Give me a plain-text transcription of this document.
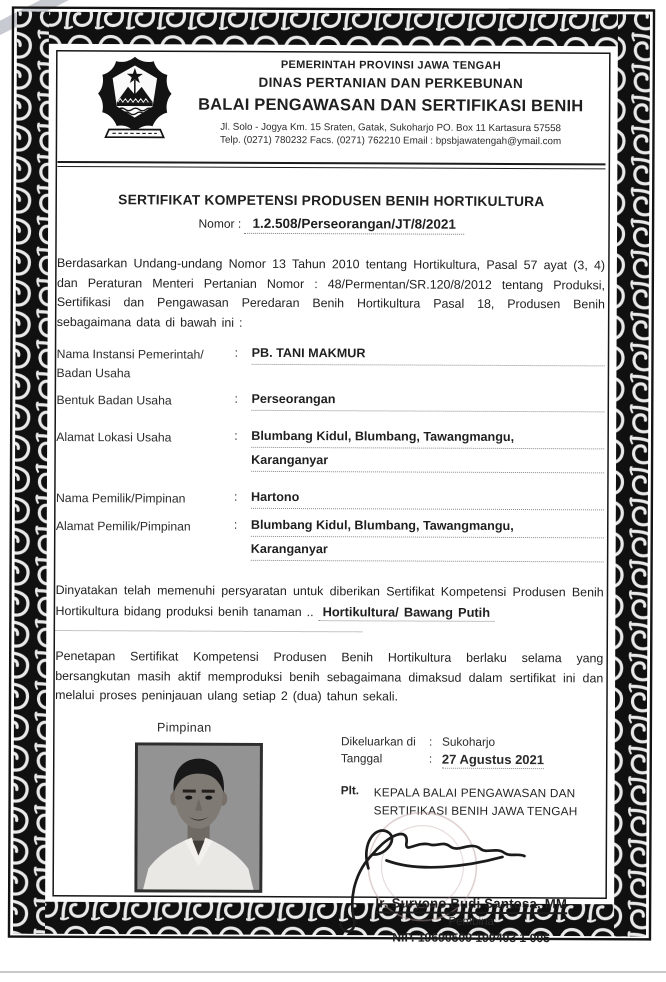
PEMERINTAH PROVINSI JAWA TENGAH
DINAS PERTANIAN DAN PERKEBUNAN
BALAI PENGAWASAN DAN SERTIFIKASI BENIH
Jl. Solo - Jogya Km. 15 Sraten, Gatak, Sukoharjo PO. Box 11 Kartasura 57558
Telp. (0271) 780232 Facs. (0271) 762210 Email : bpsbjawatengah@ymail.com
SERTIFIKAT KOMPETENSI PRODUSEN BENIH HORTIKULTURA
Nomor : 1.2.508/Perseorangan/JT/8/2021
Berdasarkan Undang-undang Nomor 13 Tahun 2010 tentang Hortikultura, Pasal 57 ayat (3, 4) dan Peraturan Menteri Pertanian Nomor : 48/Permentan/SR.120/8/2012 tentang Produksi, Sertifikasi dan Pengawasan Peredaran Benih Hortikultura Pasal 18, Produsen Benih sebagaimana data di bawah ini :
Nama Instansi Pemerintah/
Badan Usaha
:	PB. TANI MAKMUR
Bentuk Badan Usaha	:	Perseorangan
Alamat Lokasi Usaha	:	Blumbang Kidul, Blumbang, Tawangmangu,
Karanganyar
Nama Pemilik/Pimpinan	:	Hartono
Alamat Pemilik/Pimpinan	:	Blumbang Kidul, Blumbang, Tawangmangu,
Karanganyar
Dinyatakan telah memenuhi persyaratan untuk diberikan Sertifikat Kompetensi Produsen Benih Hortikultura bidang produksi benih tanaman .. Hortikultura/ Bawang Putih
Penetapan Sertifikat Kompetensi Produsen Benih Hortikultura berlaku selama yang bersangkutan masih aktif memproduksi benih sebagaimana dimaksud dalam sertifikat ini dan melalui proses peninjauan ulang setiap 2 (dua) tahun sekali.
Pimpinan
Dikeluarkan di	: Sukoharjo
Tanggal	: 27 Agustus 2021
Plt.	KEPALA BALAI PENGAWASAN DAN
SERTIFIKASI BENIH JAWA TENGAH
Ir. Suryono Budi Santosa, MM
Pembina
NIP. 19690509 199403 1 005
